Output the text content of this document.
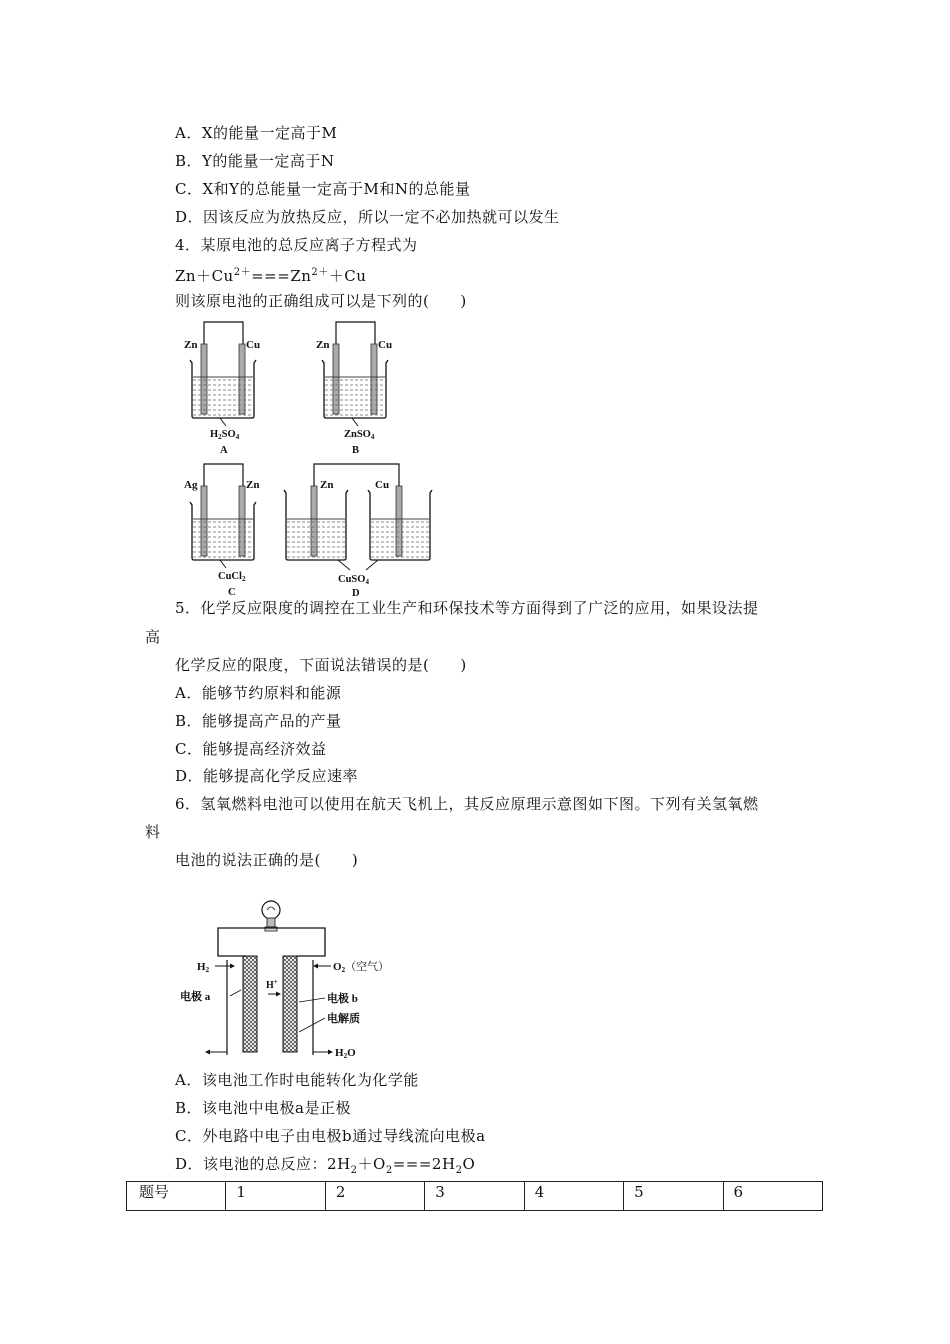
A．X的能量一定高于M
B．Y的能量一定高于N
C．X和Y的总能量一定高于M和N的总能量
D．因该反应为放热反应，所以一定不必加热就可以发生
4．某原电池的总反应离子方程式为
$Zn+Cu^{2+}===Zn^{2+}+Cu$
则该原电池的正确组成可以是下列的(　　)
Zn	Cu
H2SO4
A
Zn	Cu
ZnSO4
B
Ag	Zn
CuCl2
C
Zn	Cu
CuSO4
D
5．化学反应限度的调控在工业生产和环保技术等方面得到了广泛的应用，如果设法提
高
化学反应的限度，下面说法错误的是(　　)
A．能够节约原料和能源
B．能够提高产品的产量
C．能够提高经济效益
D．能够提高化学反应速率
6．氢氧燃料电池可以使用在航天飞机上，其反应原理示意图如下图。下列有关氢氧燃
料
电池的说法正确的是(　　)
H2	O2（空气）
电极 a
H+
电极 b
电解质
H2O
A．该电池工作时电能转化为化学能
B．该电池中电极a是正极
C．外电路中电子由电极b通过导线流向电极a
D．该电池的总反应：$2H_2+O_2===2H_2O$
题号	1	2	3	4	5	6
